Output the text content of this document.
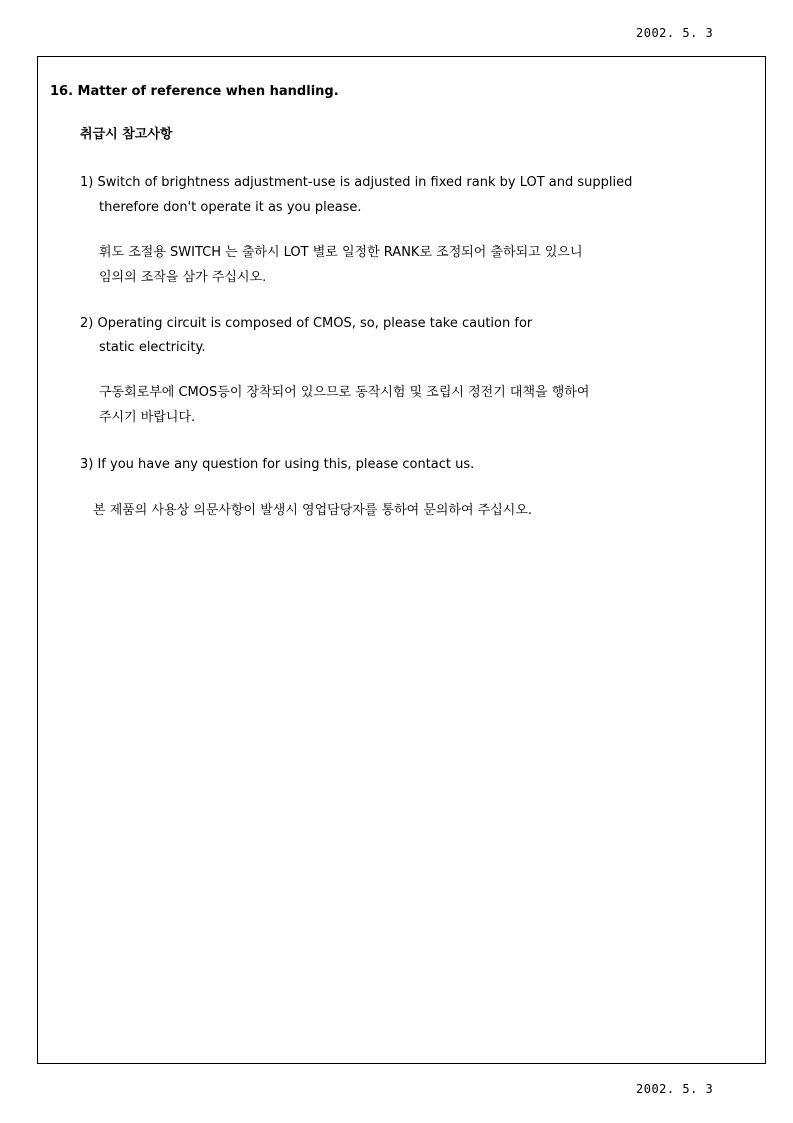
2002. 5. 3
16. Matter of reference when handling.
취급시 참고사항
1) Switch of brightness adjustment-use is adjusted in fixed rank by LOT and supplied
therefore don't operate it as you please.
휘도 조절용 SWITCH 는 출하시 LOT 별로 일정한 RANK로 조정되어 출하되고 있으니
임의의 조작을 삼가 주십시오.
2) Operating circuit is composed of CMOS, so, please take caution for
static electricity.
구동회로부에 CMOS등이 장착되어 있으므로 동작시험 및 조립시 정전기 대책을 행하여
주시기 바랍니다.
3) If you have any question for using this, please contact us.
본 제품의 사용상 의문사항이 발생시 영업담당자를 통하여 문의하여 주십시오.
2002. 5. 3
